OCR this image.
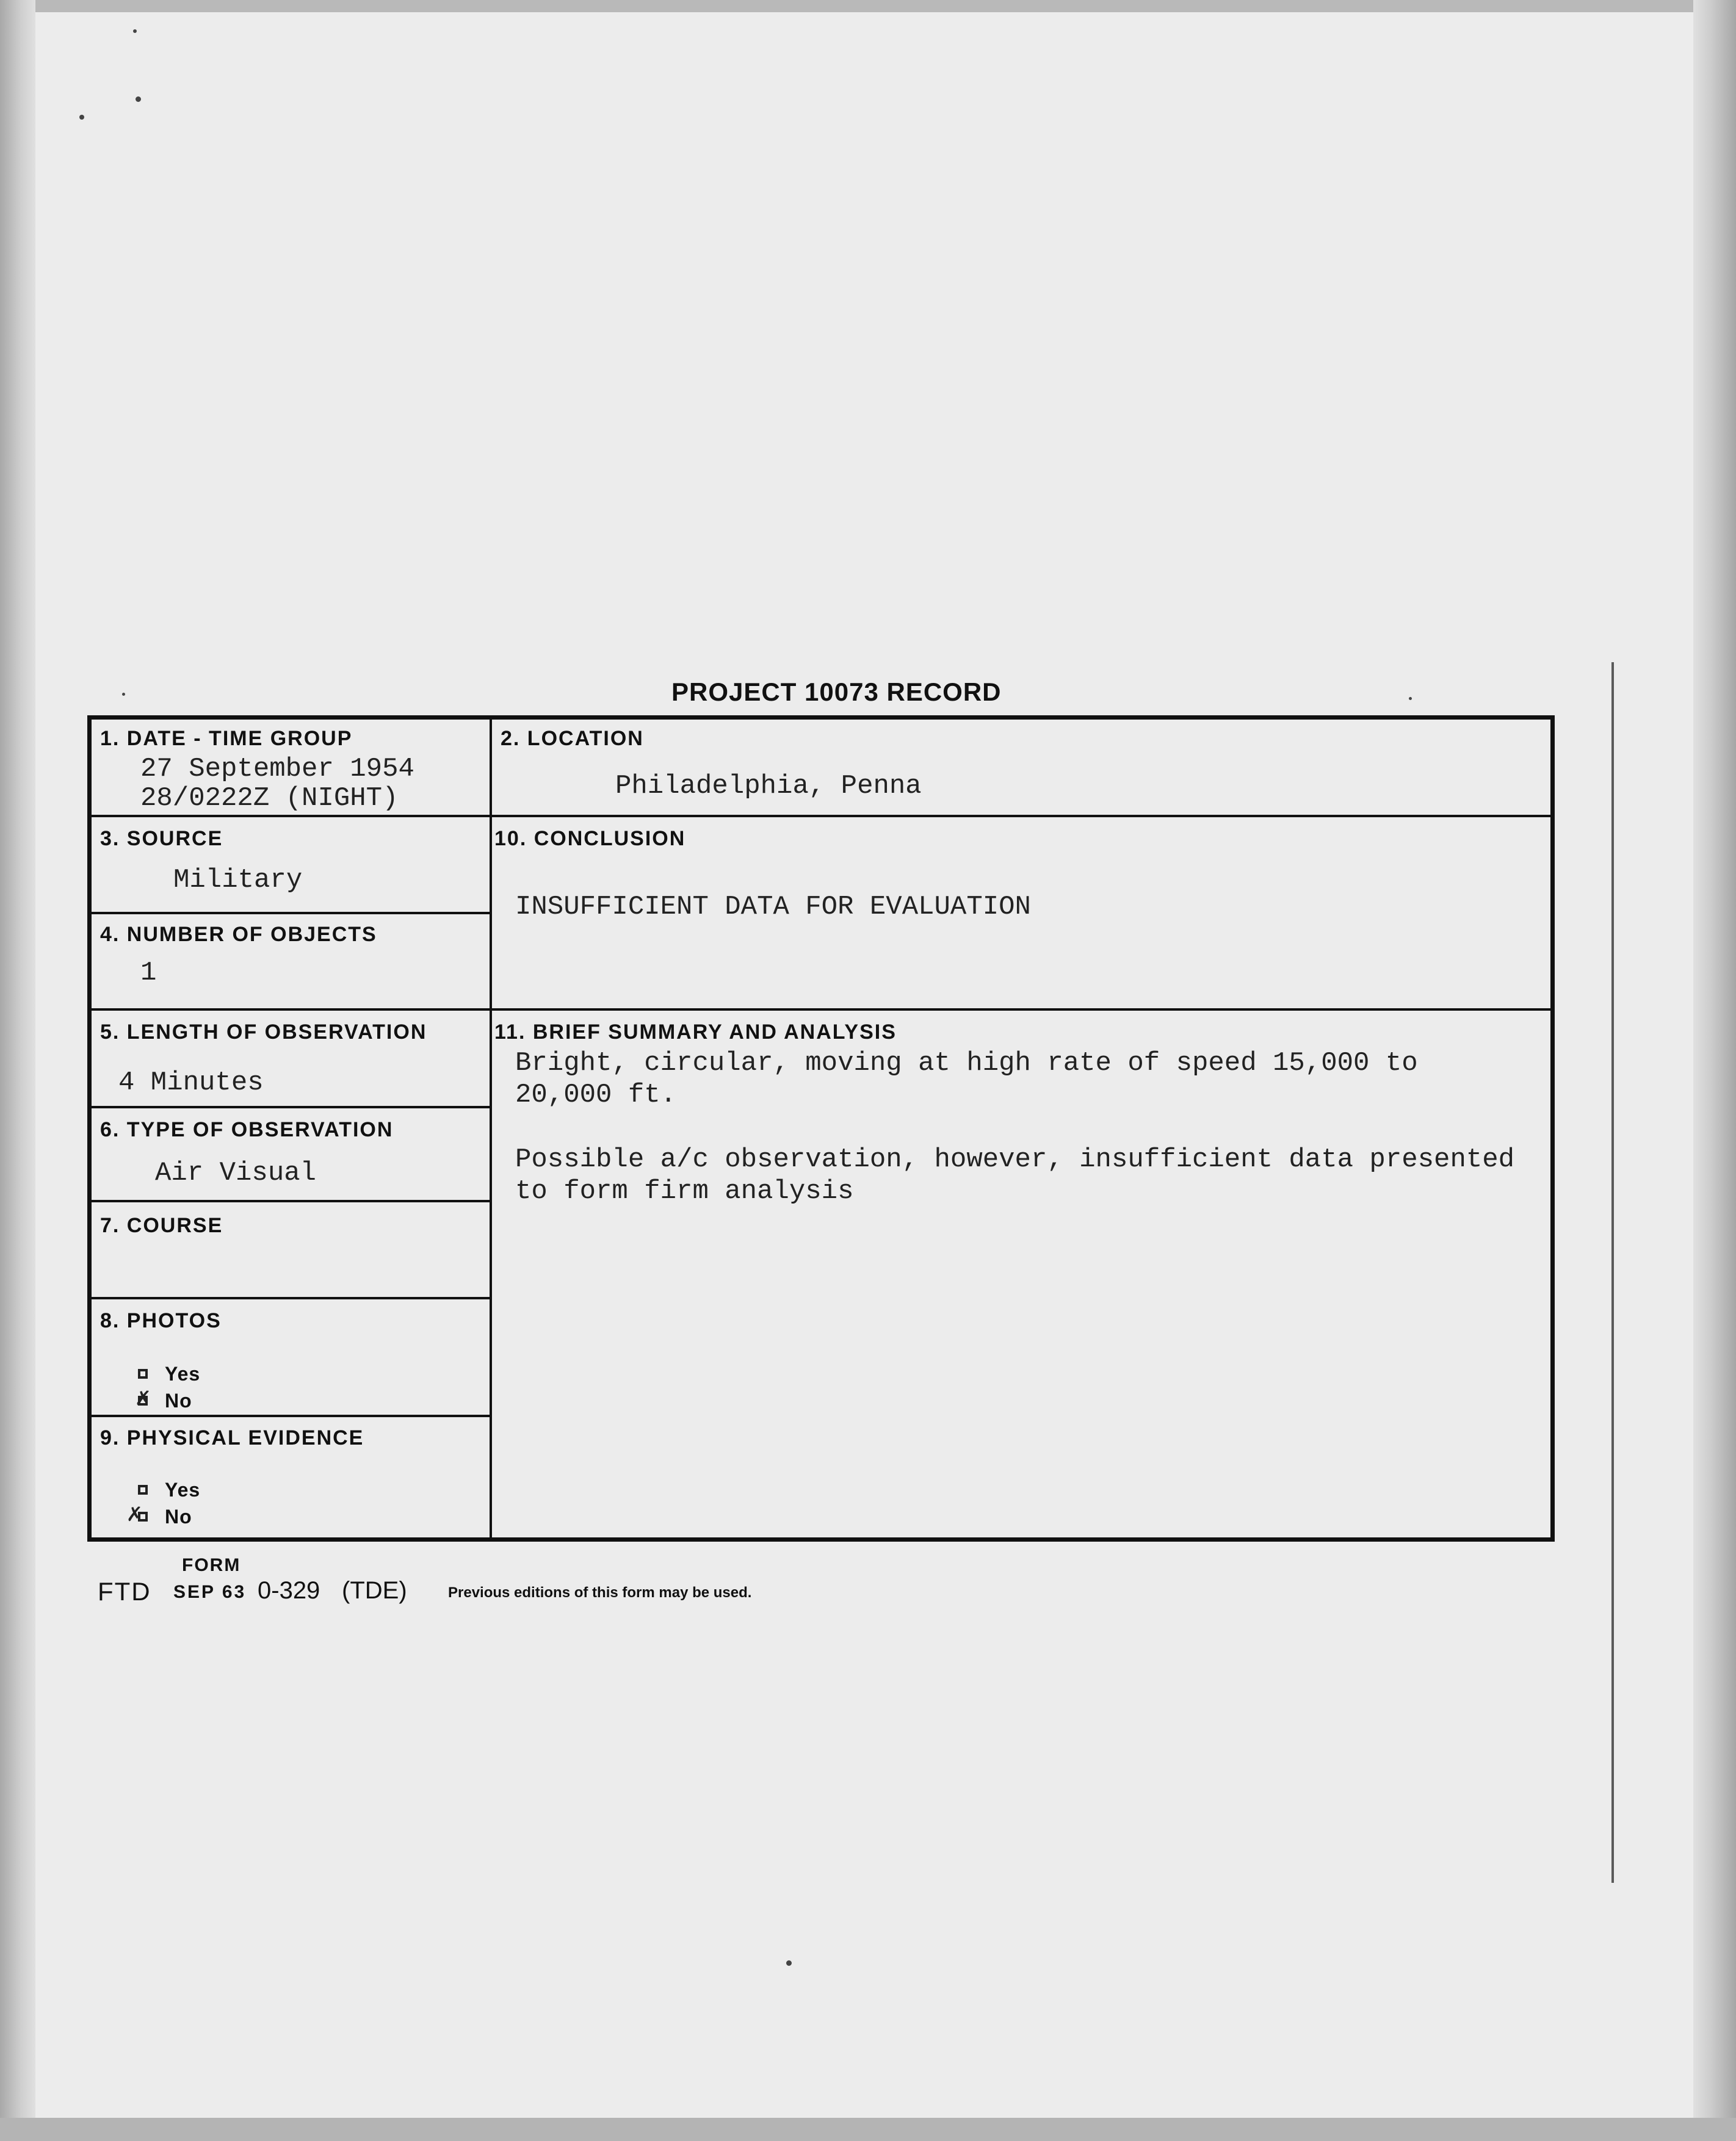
PROJECT 10073 RECORD
1. DATE - TIME GROUP
27 September 1954
28/0222Z (NIGHT)
2. LOCATION
Philadelphia, Penna
3. SOURCE
Military
10. CONCLUSION
INSUFFICIENT DATA FOR EVALUATION
4. NUMBER OF OBJECTS
1
5. LENGTH OF OBSERVATION
4 Minutes
11. BRIEF SUMMARY AND ANALYSIS
Bright, circular, moving at high rate of speed 15,000 to
20,000 ft.
Possible a/c observation, however, insufficient data presented
to form firm analysis
6. TYPE OF OBSERVATION
Air Visual
7. COURSE
8. PHOTOS
Yes
✗ No
9. PHYSICAL EVIDENCE
Yes
✗ No
FORM
FTD SEP 63 0-329 (TDE)	Previous editions of this form may be used.
